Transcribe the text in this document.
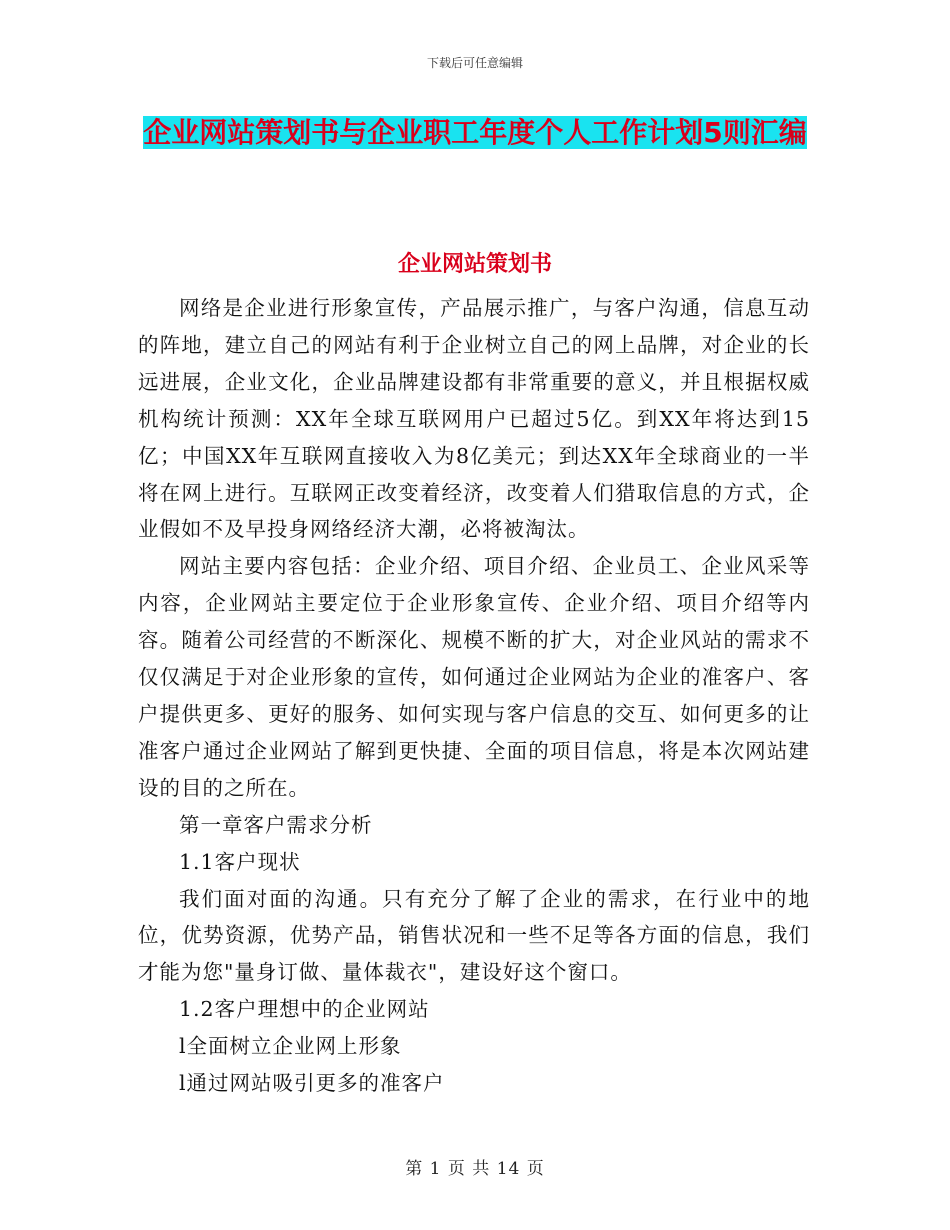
下载后可任意编辑
企业网站策划书与企业职工年度个人工作计划5则汇编
企业网站策划书

网络是企业进行形象宣传，产品展示推广，与客户沟通，信息互动的阵地，建立自己的网站有利于企业树立自己的网上品牌，对企业的长远进展，企业文化，企业品牌建设都有非常重要的意义，并且根据权威机构统计预测：XX年全球互联网用户已超过5亿。到XX年将达到15亿；中国XX年互联网直接收入为8亿美元；到达XX年全球商业的一半将在网上进行。互联网正改变着经济，改变着人们猎取信息的方式，企业假如不及早投身网络经济大潮，必将被淘汰。

网站主要内容包括：企业介绍、项目介绍、企业员工、企业风采等内容，企业网站主要定位于企业形象宣传、企业介绍、项目介绍等内容。随着公司经营的不断深化、规模不断的扩大，对企业风站的需求不仅仅满足于对企业形象的宣传，如何通过企业网站为企业的准客户、客户提供更多、更好的服务、如何实现与客户信息的交互、如何更多的让准客户通过企业网站了解到更快捷、全面的项目信息，将是本次网站建设的目的之所在。

第一章客户需求分析

1.1客户现状

我们面对面的沟通。只有充分了解了企业的需求，在行业中的地位，优势资源，优势产品，销售状况和一些不足等各方面的信息，我们才能为您"量身订做、量体裁衣"，建设好这个窗口。

1.2客户理想中的企业网站

l全面树立企业网上形象

l通过网站吸引更多的准客户

第 1 页 共 14 页
